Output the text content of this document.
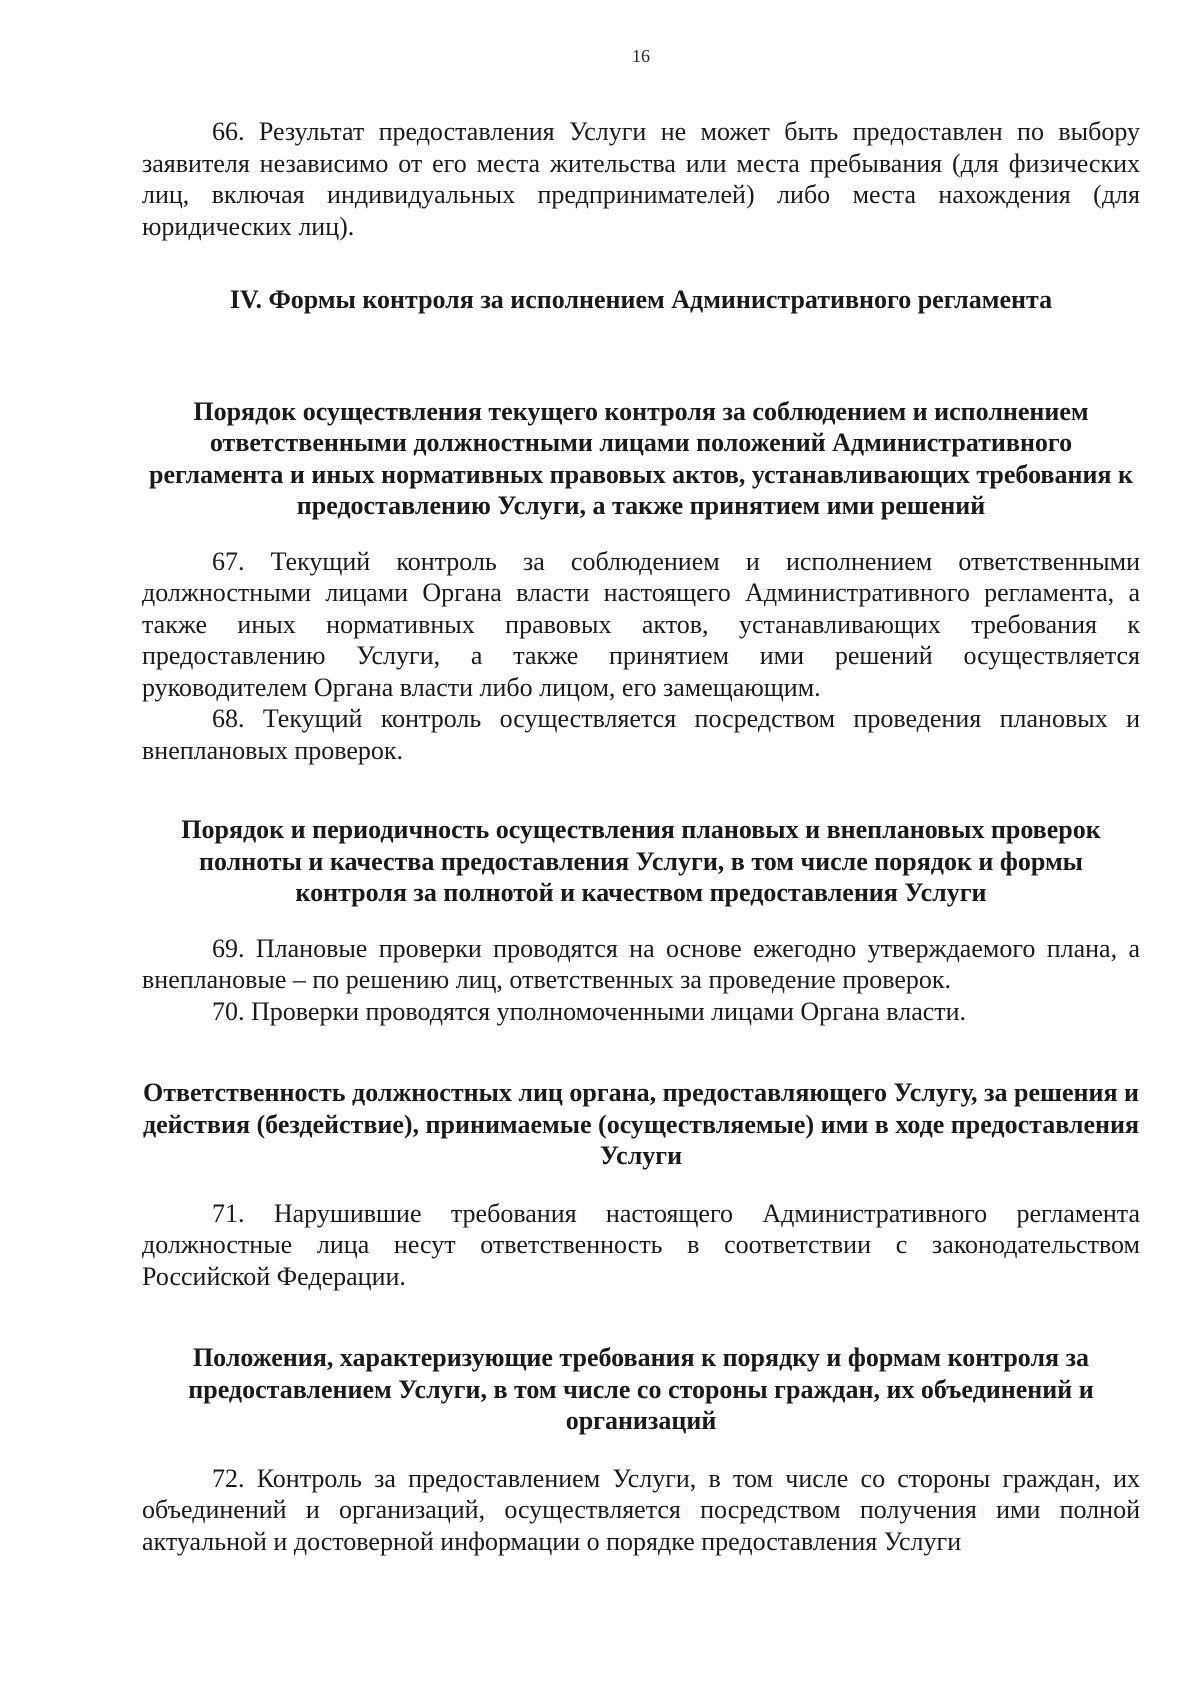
16

66. Результат предоставления Услуги не может быть предоставлен по выбору заявителя независимо от его места жительства или места пребывания (для физических лиц, включая индивидуальных предпринимателей) либо места нахождения (для юридических лиц).

IV. Формы контроля за исполнением Административного регламента
Порядок осуществления текущего контроля за соблюдением и исполнением ответственными должностными лицами положений Административного регламента и иных нормативных правовых актов, устанавливающих требования к предоставлению Услуги, а также принятием ими решений

67. Текущий контроль за соблюдением и исполнением ответственными должностными лицами Органа власти настоящего Административного регламента, а также иных нормативных правовых актов, устанавливающих требования к предоставлению Услуги, а также принятием ими решений осуществляется руководителем Органа власти либо лицом, его замещающим.

68. Текущий контроль осуществляется посредством проведения плановых и внеплановых проверок.

Порядок и периодичность осуществления плановых и внеплановых проверок полноты и качества предоставления Услуги, в том числе порядок и формы контроля за полнотой и качеством предоставления Услуги

69. Плановые проверки проводятся на основе ежегодно утверждаемого плана, а внеплановые – по решению лиц, ответственных за проведение проверок.

70. Проверки проводятся уполномоченными лицами Органа власти.

Ответственность должностных лиц органа, предоставляющего Услугу, за решения и действия (бездействие), принимаемые (осуществляемые) ими в ходе предоставления Услуги

71. Нарушившие требования настоящего Административного регламента должностные лица несут ответственность в соответствии с законодательством Российской Федерации.

Положения, характеризующие требования к порядку и формам контроля за предоставлением Услуги, в том числе со стороны граждан, их объединений и организаций

72. Контроль за предоставлением Услуги, в том числе со стороны граждан, их объединений и организаций, осуществляется посредством получения ими полной актуальной и достоверной информации о порядке предоставления Услуги
